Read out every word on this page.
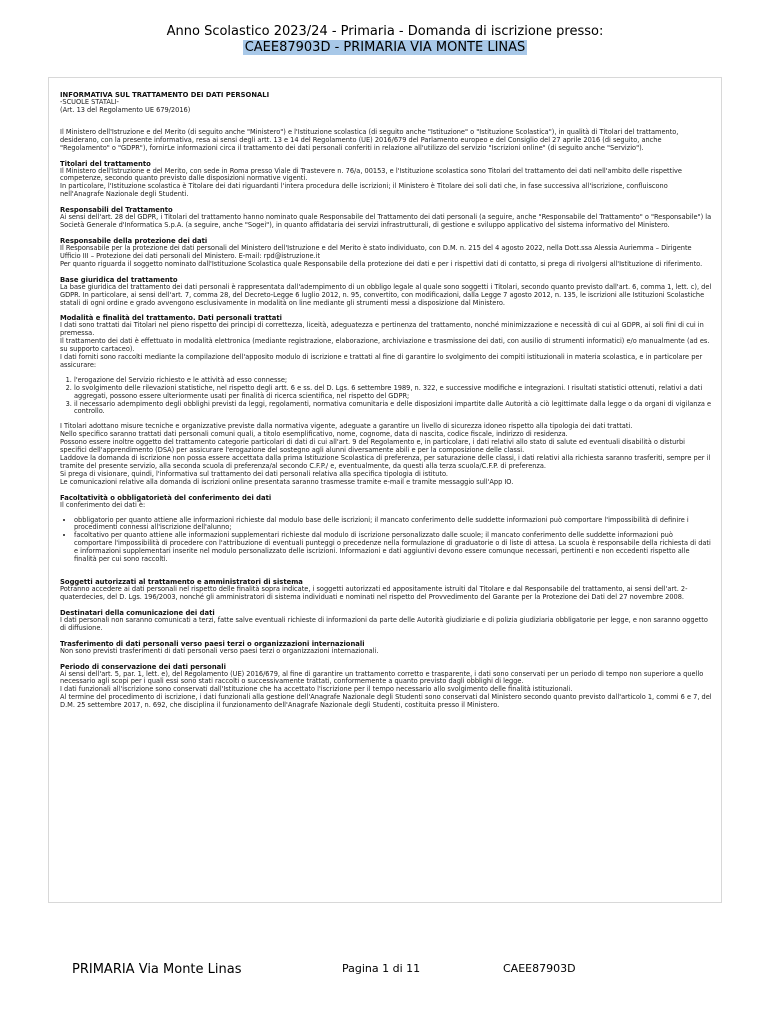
Anno Scolastico 2023/24 - Primaria - Domanda di iscrizione presso:
CAEE87903D - PRIMARIA VIA MONTE LINAS
INFORMATIVA SUL TRATTAMENTO DEI DATI PERSONALI

-SCUOLE STATALI-

(Art. 13 del Regolamento UE 679/2016)

Il Ministero dell'Istruzione e del Merito (di seguito anche "Ministero") e l'Istituzione scolastica (di seguito anche "Istituzione" o "Istituzione Scolastica"), in qualità di Titolari del trattamento, desiderano, con la presente informativa, resa ai sensi degli artt. 13 e 14 del Regolamento (UE) 2016/679 del Parlamento europeo e del Consiglio del 27 aprile 2016 (di seguito, anche "Regolamento" o "GDPR"), fornirLe informazioni circa il trattamento dei dati personali conferiti in relazione all'utilizzo del servizio "Iscrizioni online" (di seguito anche "Servizio").

Titolari del trattamento

Il Ministero dell'Istruzione e del Merito, con sede in Roma presso Viale di Trastevere n. 76/a, 00153, e l'Istituzione scolastica sono Titolari del trattamento dei dati nell'ambito delle rispettive competenze, secondo quanto previsto dalle disposizioni normative vigenti.

In particolare, l'Istituzione scolastica è Titolare dei dati riguardanti l'intera procedura delle iscrizioni; il Ministero è Titolare dei soli dati che, in fase successiva all'iscrizione, confluiscono nell'Anagrafe Nazionale degli Studenti.

Responsabili del Trattamento

Ai sensi dell'art. 28 del GDPR, i Titolari del trattamento hanno nominato quale Responsabile del Trattamento dei dati personali (a seguire, anche "Responsabile del Trattamento" o "Responsabile") la Società Generale d'Informatica S.p.A. (a seguire, anche "Sogei"), in quanto affidataria dei servizi infrastrutturali, di gestione e sviluppo applicativo del sistema informativo del Ministero.

Responsabile della protezione dei dati

Il Responsabile per la protezione dei dati personali del Ministero dell'Istruzione e del Merito è stato individuato, con D.M. n. 215 del 4 agosto 2022, nella Dott.ssa Alessia Auriemma – Dirigente Ufficio III – Protezione dei dati personali del Ministero. E-mail: rpd@istruzione.it

Per quanto riguarda il soggetto nominato dall'Istituzione Scolastica quale Responsabile della protezione dei dati e per i rispettivi dati di contatto, si prega di rivolgersi all'Istituzione di riferimento.

Base giuridica del trattamento

La base giuridica del trattamento dei dati personali è rappresentata dall'adempimento di un obbligo legale al quale sono soggetti i Titolari, secondo quanto previsto dall'art. 6, comma 1, lett. c), del GDPR. In particolare, ai sensi dell'art. 7, comma 28, del Decreto-Legge 6 luglio 2012, n. 95, convertito, con modificazioni, dalla Legge 7 agosto 2012, n. 135, le iscrizioni alle Istituzioni Scolastiche statali di ogni ordine e grado avvengono esclusivamente in modalità on line mediante gli strumenti messi a disposizione dal Ministero.

Modalità e finalità del trattamento. Dati personali trattati

I dati sono trattati dai Titolari nel pieno rispetto dei principi di correttezza, liceità, adeguatezza e pertinenza del trattamento, nonché minimizzazione e necessità di cui al GDPR, ai soli fini di cui in premessa.

Il trattamento dei dati è effettuato in modalità elettronica (mediante registrazione, elaborazione, archiviazione e trasmissione dei dati, con ausilio di strumenti informatici) e/o manualmente (ad es. su supporto cartaceo).

I dati forniti sono raccolti mediante la compilazione dell'apposito modulo di iscrizione e trattati al fine di garantire lo svolgimento dei compiti istituzionali in materia scolastica, e in particolare per assicurare:

1. l'erogazione del Servizio richiesto e le attività ad esso connesse;
2. lo svolgimento delle rilevazioni statistiche, nel rispetto degli artt. 6 e ss. del D. Lgs. 6 settembre 1989, n. 322, e successive modifiche e integrazioni. I risultati statistici ottenuti, relativi a dati aggregati, possono essere ulteriormente usati per finalità di ricerca scientifica, nel rispetto del GDPR;
3. il necessario adempimento degli obblighi previsti da leggi, regolamenti, normativa comunitaria e delle disposizioni impartite dalle Autorità a ciò legittimate dalla legge o da organi di vigilanza e controllo.

I Titolari adottano misure tecniche e organizzative previste dalla normativa vigente, adeguate a garantire un livello di sicurezza idoneo rispetto alla tipologia dei dati trattati.

Nello specifico saranno trattati dati personali comuni quali, a titolo esemplificativo, nome, cognome, data di nascita, codice fiscale, indirizzo di residenza.

Possono essere inoltre oggetto del trattamento categorie particolari di dati di cui all'art. 9 del Regolamento e, in particolare, i dati relativi allo stato di salute ed eventuali disabilità o disturbi specifici dell'apprendimento (DSA) per assicurare l'erogazione del sostegno agli alunni diversamente abili e per la composizione delle classi.

Laddove la domanda di iscrizione non possa essere accettata dalla prima Istituzione Scolastica di preferenza, per saturazione delle classi, i dati relativi alla richiesta saranno trasferiti, sempre per il tramite del presente servizio, alla seconda scuola di preferenza/al secondo C.F.P./ e, eventualmente, da questi alla terza scuola/C.F.P. di preferenza.

Si prega di visionare, quindi, l'informativa sul trattamento dei dati personali relativa alla specifica tipologia di istituto.

Le comunicazioni relative alla domanda di iscrizioni online presentata saranno trasmesse tramite e-mail e tramite messaggio sull'App IO.

Facoltatività o obbligatorietà del conferimento dei dati

Il conferimento dei dati è:

• obbligatorio per quanto attiene alle informazioni richieste dal modulo base delle iscrizioni; il mancato conferimento delle suddette informazioni può comportare l'impossibilità di definire i procedimenti connessi all'iscrizione dell'alunno;
• facoltativo per quanto attiene alle informazioni supplementari richieste dal modulo di iscrizione personalizzato dalle scuole; il mancato conferimento delle suddette informazioni può comportare l'impossibilità di procedere con l'attribuzione di eventuali punteggi o precedenze nella formulazione di graduatorie o di liste di attesa. La scuola è responsabile della richiesta di dati e informazioni supplementari inserite nel modulo personalizzato delle iscrizioni. Informazioni e dati aggiuntivi devono essere comunque necessari, pertinenti e non eccedenti rispetto alle finalità per cui sono raccolti.
Soggetti autorizzati al trattamento e amministratori di sistema

Potranno accedere ai dati personali nel rispetto delle finalità sopra indicate, i soggetti autorizzati ed appositamente istruiti dal Titolare e dal Responsabile del trattamento, ai sensi dell'art. 2-quaterdecies, del D. Lgs. 196/2003, nonché gli amministratori di sistema individuati e nominati nel rispetto del Provvedimento del Garante per la Protezione dei Dati del 27 novembre 2008.

Destinatari della comunicazione dei dati

I dati personali non saranno comunicati a terzi, fatte salve eventuali richieste di informazioni da parte delle Autorità giudiziarie e di polizia giudiziaria obbligatorie per legge, e non saranno oggetto di diffusione.

Trasferimento di dati personali verso paesi terzi o organizzazioni internazionali

Non sono previsti trasferimenti di dati personali verso paesi terzi o organizzazioni internazionali.

Periodo di conservazione dei dati personali

Ai sensi dell'art. 5, par. 1, lett. e), del Regolamento (UE) 2016/679, al fine di garantire un trattamento corretto e trasparente, i dati sono conservati per un periodo di tempo non superiore a quello necessario agli scopi per i quali essi sono stati raccolti o successivamente trattati, conformemente a quanto previsto dagli obblighi di legge.

I dati funzionali all'iscrizione sono conservati dall'Istituzione che ha accettato l'iscrizione per il tempo necessario allo svolgimento delle finalità istituzionali.

Al termine del procedimento di iscrizione, i dati funzionali alla gestione dell'Anagrafe Nazionale degli Studenti sono conservati dal Ministero secondo quanto previsto dall'articolo 1, commi 6 e 7, del D.M. 25 settembre 2017, n. 692, che disciplina il funzionamento dell'Anagrafe Nazionale degli Studenti, costituita presso il Ministero.

PRIMARIA Via Monte Linas	Pagina 1 di 11	CAEE87903D
